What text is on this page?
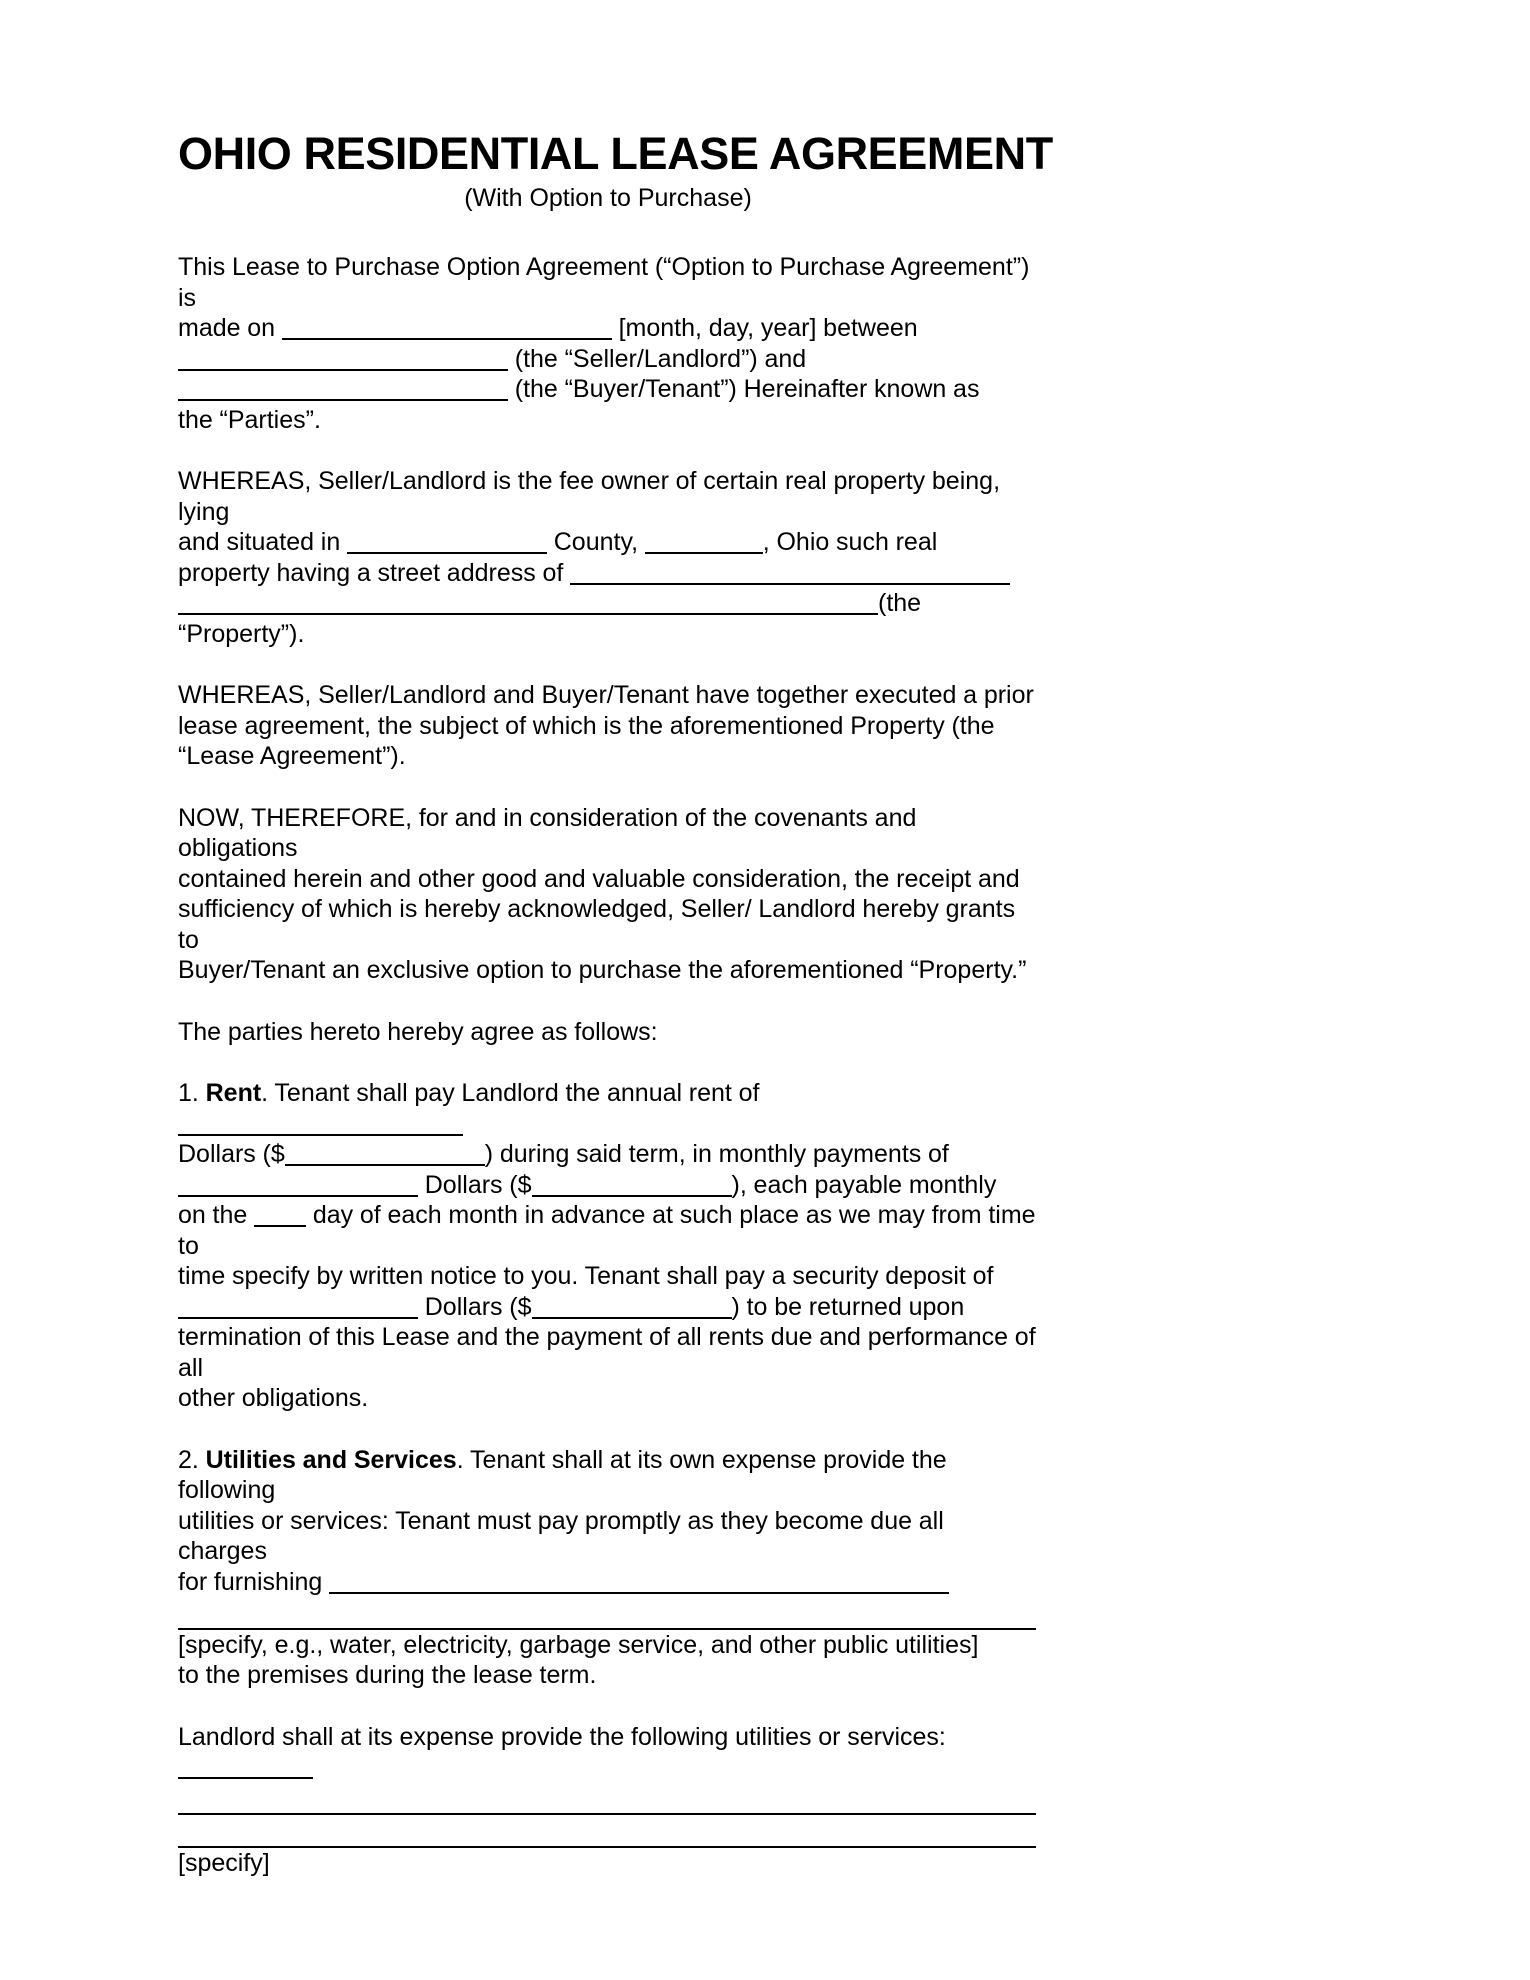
OHIO RESIDENTIAL LEASE AGREEMENT
(With Option to Purchase)

This Lease to Purchase Option Agreement (“Option to Purchase Agreement”) is
made on	[month, day, year] between
(the “Seller/Landlord”) and
(the “Buyer/Tenant”) Hereinafter known as
the “Parties”.

WHEREAS, Seller/Landlord is the fee owner of certain real property being, lying
and situated in	County,	, Ohio such real
property having a street address of
(the “Property”).

WHEREAS, Seller/Landlord and Buyer/Tenant have together executed a prior
lease agreement, the subject of which is the aforementioned Property (the
“Lease Agreement”).

NOW, THEREFORE, for and in consideration of the covenants and obligations
contained herein and other good and valuable consideration, the receipt and
sufficiency of which is hereby acknowledged, Seller/ Landlord hereby grants to
Buyer/Tenant an exclusive option to purchase the aforementioned “Property.”

The parties hereto hereby agree as follows:

1. Rent. Tenant shall pay Landlord the annual rent of
Dollars ($	) during said term, in monthly payments of
Dollars ($	), each payable monthly
on the	day of each month in advance at such place as we may from time to
time specify by written notice to you. Tenant shall pay a security deposit of
Dollars ($	) to be returned upon
termination of this Lease and the payment of all rents due and performance of all
other obligations.

2. Utilities and Services. Tenant shall at its own expense provide the following
utilities or services: Tenant must pay promptly as they become due all charges
for furnishing

[specify, e.g., water, electricity, garbage service, and other public utilities]
to the premises during the lease term.

Landlord shall at its expense provide the following utilities or services:

[specify]
